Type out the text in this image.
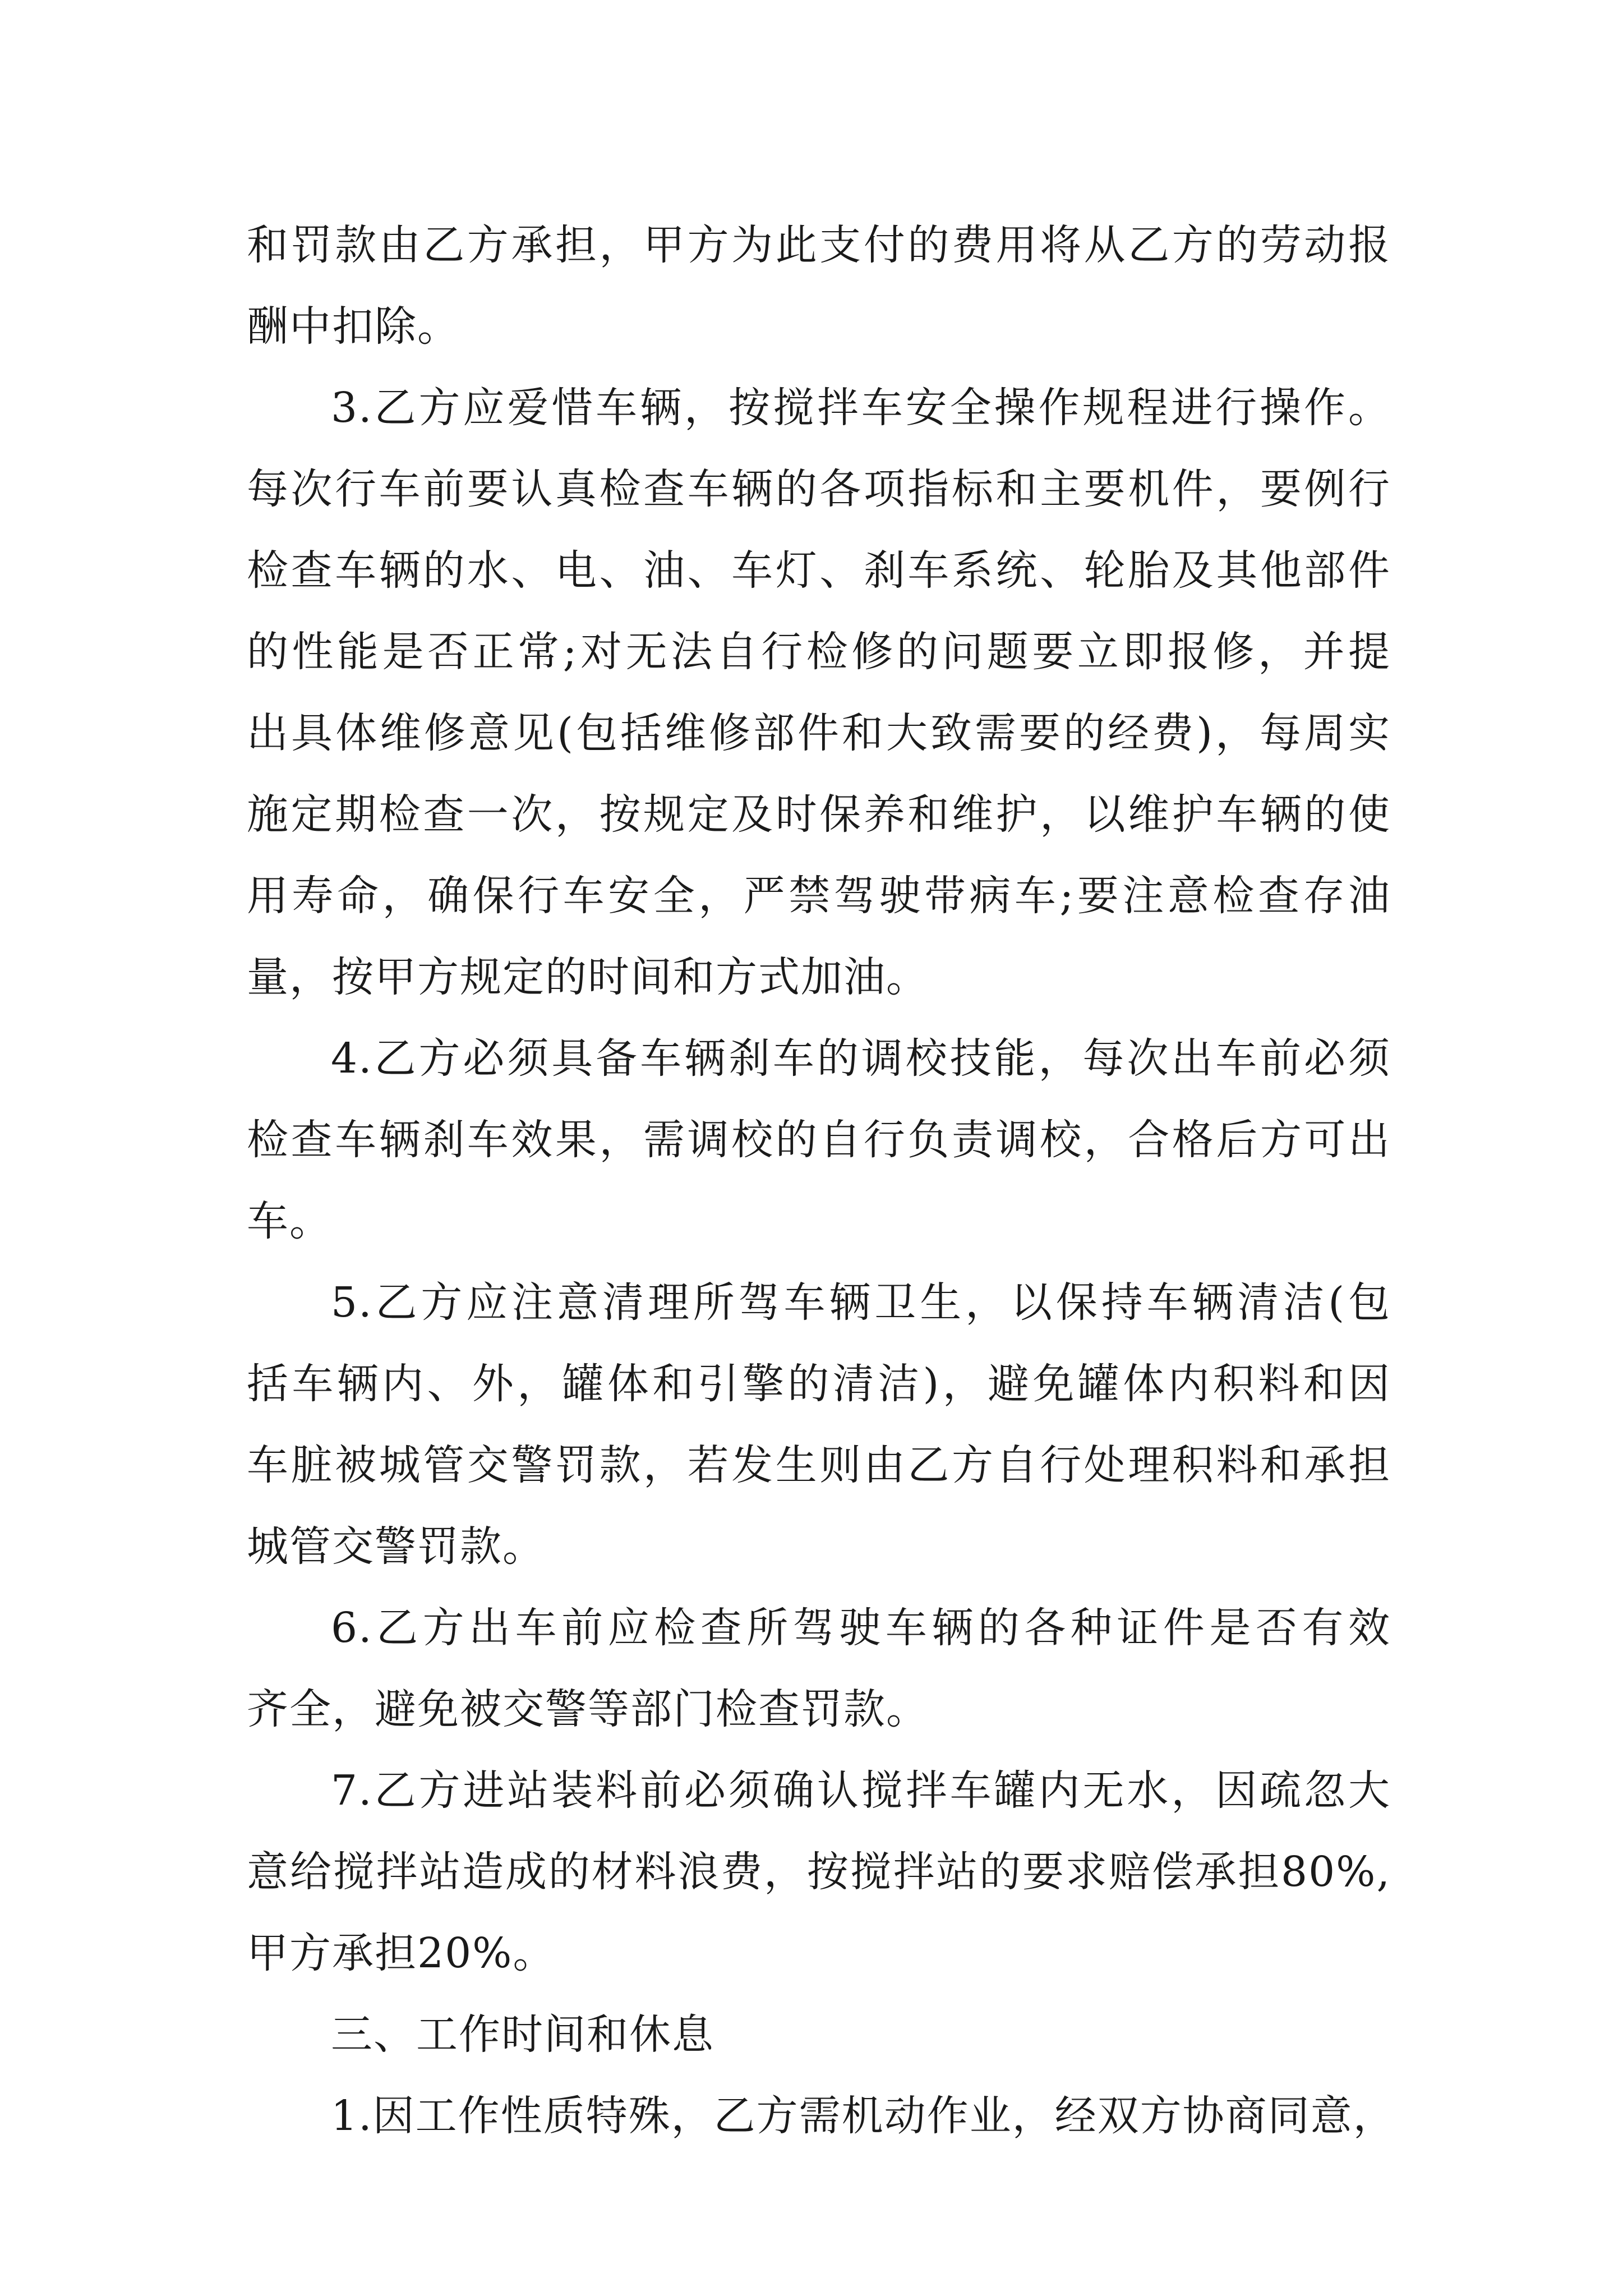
和罚款由乙方承担，甲方为此支付的费用将从乙方的劳动报
酬中扣除。
3.乙方应爱惜车辆，按搅拌车安全操作规程进行操作。
每次行车前要认真检查车辆的各项指标和主要机件，要例行
检查车辆的水、电、油、车灯、刹车系统、轮胎及其他部件
的性能是否正常;对无法自行检修的问题要立即报修，并提
出具体维修意见(包括维修部件和大致需要的经费)，每周实
施定期检查一次，按规定及时保养和维护，以维护车辆的使
用寿命，确保行车安全，严禁驾驶带病车;要注意检查存油
量，按甲方规定的时间和方式加油。
4.乙方必须具备车辆刹车的调校技能，每次出车前必须
检查车辆刹车效果，需调校的自行负责调校，合格后方可出
车。
5.乙方应注意清理所驾车辆卫生，以保持车辆清洁(包
括车辆内、外，罐体和引擎的清洁)，避免罐体内积料和因
车脏被城管交警罚款，若发生则由乙方自行处理积料和承担
城管交警罚款。
6.乙方出车前应检查所驾驶车辆的各种证件是否有效
齐全，避免被交警等部门检查罚款。
7.乙方进站装料前必须确认搅拌车罐内无水，因疏忽大
意给搅拌站造成的材料浪费，按搅拌站的要求赔偿承担80%,
甲方承担20%。
三、工作时间和休息
1.因工作性质特殊，乙方需机动作业，经双方协商同意，
